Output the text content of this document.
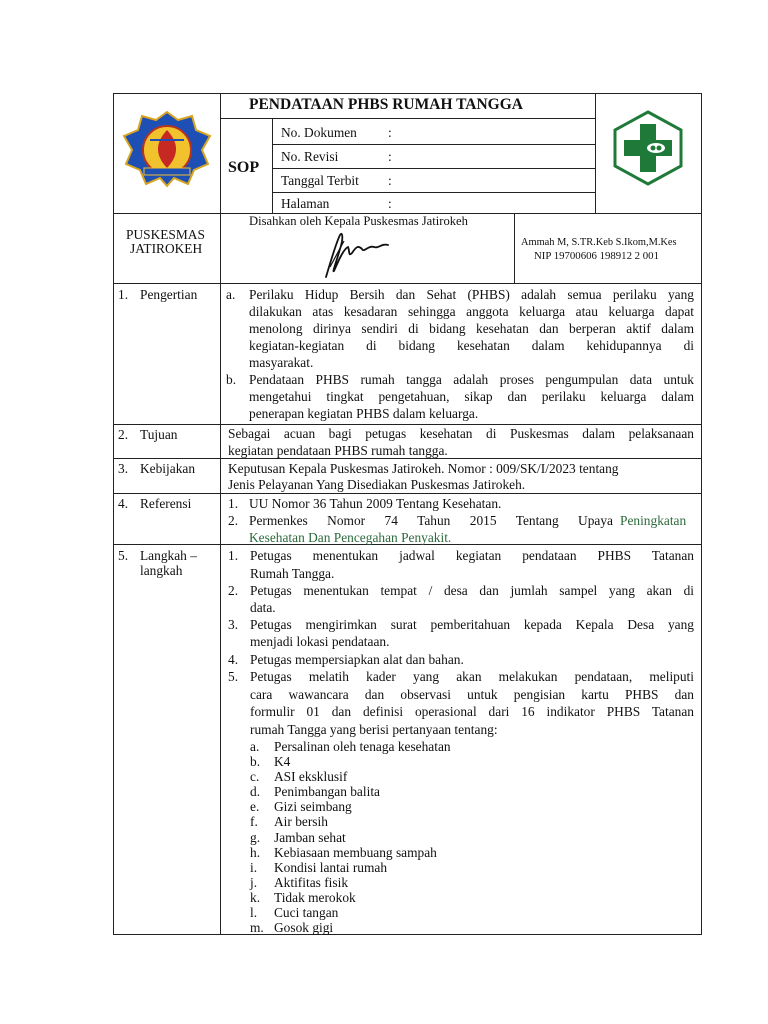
PENDATAAN PHBS RUMAH TANGGA
SOP
No. Dokumen :
No. Revisi	:
Tanggal Terbit :
Halaman	:
PUSKESMAS
JATIROKEH
Disahkan oleh Kepala Puskesmas Jatirokeh
Ammah M, S.TR.Keb S.Ikom,M.Kes
NIP 19700606 198912 2 001
1. Pengertian a. Perilaku Hidup Bersih dan Sehat (PHBS) adalah semua perilaku yang
dilakukan atas kesadaran sehingga anggota keluarga atau keluarga dapat
menolong dirinya sendiri di bidang kesehatan dan berperan aktif dalam
kegiatan-kegiatan di bidang kesehatan dalam kehidupannya di
masyarakat.
b. Pendataan PHBS rumah tangga adalah proses pengumpulan data untuk
mengetahui tingkat pengetahuan, sikap dan perilaku keluarga dalam
penerapan kegiatan PHBS dalam keluarga.
2. Tujuan	Sebagai acuan bagi petugas kesehatan di Puskesmas dalam pelaksanaan
kegiatan pendataan PHBS rumah tangga.
3. Kebijakan Keputusan Kepala Puskesmas Jatirokeh. Nomor : 009/SK/I/2023 tentang
Jenis Pelayanan Yang Disediakan Puskesmas Jatirokeh.
4. Referensi	1. UU Nomor 36 Tahun 2009 Tentang Kesehatan.
2. Permenkes Nomor 74 Tahun 2015 Tentang Upaya Peningkatan
Kesehatan Dan Pencegahan Penyakit.
5. Langkah –
langkah
1. Petugas menentukan jadwal kegiatan pendataan PHBS Tatanan
Rumah Tangga.
2. Petugas menentukan tempat / desa dan jumlah sampel yang akan di
data.
3. Petugas mengirimkan surat pemberitahuan kepada Kepala Desa yang
menjadi lokasi pendataan.
4. Petugas mempersiapkan alat dan bahan.
5. Petugas melatih kader yang akan melakukan pendataan, meliputi
cara wawancara dan observasi untuk pengisian kartu PHBS dan
formulir 01 dan definisi operasional dari 16 indikator PHBS Tatanan
rumah Tangga yang berisi pertanyaan tentang:
a. Persalinan oleh tenaga kesehatan
b. K4
c. ASI eksklusif
d. Penimbangan balita
e. Gizi seimbang
f. Air bersih
g. Jamban sehat
h. Kebiasaan membuang sampah
i. Kondisi lantai rumah
j. Aktifitas fisik
k. Tidak merokok
l. Cuci tangan
m. Gosok gigi
